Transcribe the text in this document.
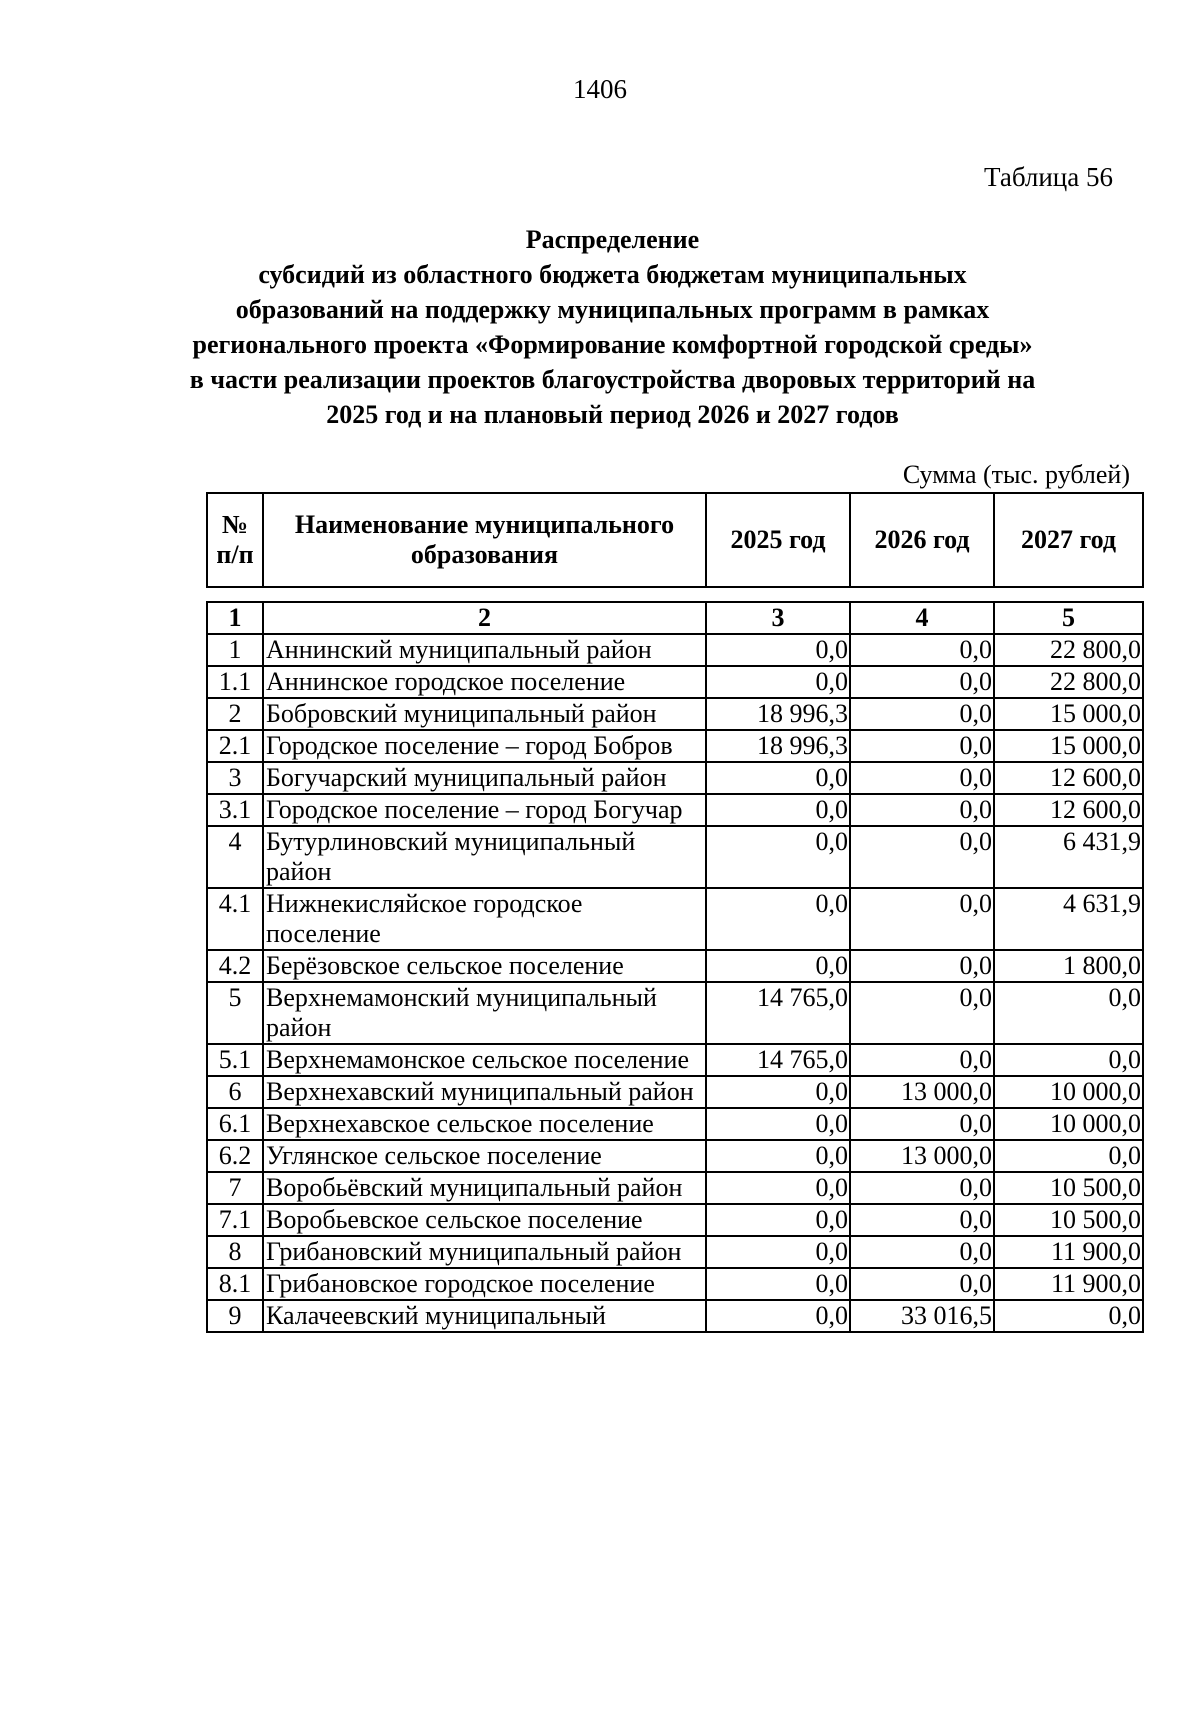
1406
Таблица 56
Распределение
субсидий из областного бюджета бюджетам муниципальных
образований на поддержку муниципальных программ в рамках
регионального проекта «Формирование комфортной городской среды»
в части реализации проектов благоустройства дворовых территорий на
2025 год и на плановый период 2026 и 2027 годов
Сумма (тыс. рублей)
№ п/п	Наименование муниципального образования	2025 год	2026 год	2027 год
1	2	3	4	5
1	Аннинский муниципальный район	0,0	0,0	22 800,0
1.1	Аннинское городское поселение	0,0	0,0	22 800,0
2	Бобровский муниципальный район	18 996,3	0,0	15 000,0
2.1	Городское поселение – город Бобров	18 996,3	0,0	15 000,0
3	Богучарский муниципальный район	0,0	0,0	12 600,0
3.1	Городское поселение – город Богучар	0,0	0,0	12 600,0
4	Бутурлиновский муниципальный район	0,0	0,0	6 431,9
4.1	Нижнекисляйское городское поселение	0,0	0,0	4 631,9
4.2	Берёзовское сельское поселение	0,0	0,0	1 800,0
5	Верхнемамонский муниципальный район	14 765,0	0,0	0,0
5.1	Верхнемамонское сельское поселение	14 765,0	0,0	0,0
6	Верхнехавский муниципальный район	0,0	13 000,0	10 000,0
6.1	Верхнехавское сельское поселение	0,0	0,0	10 000,0
6.2	Углянское сельское поселение	0,0	13 000,0	0,0
7	Воробьёвский муниципальный район	0,0	0,0	10 500,0
7.1	Воробьевское сельское поселение	0,0	0,0	10 500,0
8	Грибановский муниципальный район	0,0	0,0	11 900,0
8.1	Грибановское городское поселение	0,0	0,0	11 900,0
9	Калачеевский муниципальный	0,0	33 016,5	0,0
